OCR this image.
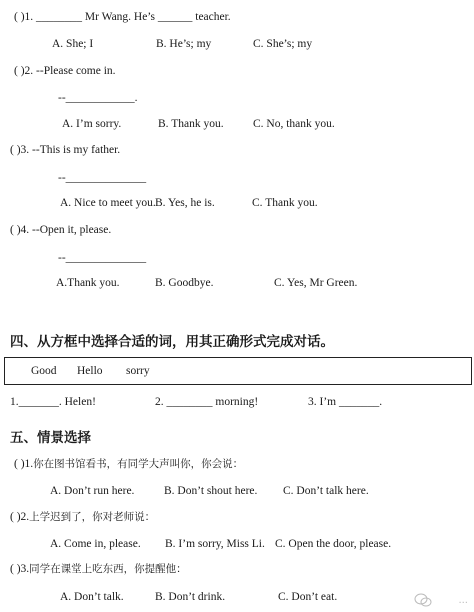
( )1. ________ Mr Wang. He’s ______ teacher.
A. She; I	B. He’s; my	C. She’s; my
( )2. --Please come in.
--____________.
A. I’m sorry.	B. Thank you.	C. No, thank you.
( )3. --This is my father.
--______________
A. Nice to meet you. B. Yes, he is.	C. Thank you.
( )4. --Open it, please.
--______________
A.Thank you.	B. Goodbye.	C. Yes, Mr Green.
四、从方框中选择合适的词，用其正确形式完成对话。
Good Hello sorry
1._______. Helen!	2. ________ morning!	3. I’m _______.
五、情景选择
( )1.你在图书馆看书，有同学大声叫你，你会说：
A. Don’t run here.	B. Don’t shout here. C. Don’t talk here.
( )2.上学迟到了，你对老师说：
A. Come in, please. B. I’m sorry, Miss Li. C. Open the door, please.
( )3.同学在课堂上吃东西，你提醒他：
A. Don’t talk.	B. Don’t drink.	C. Don’t eat.	...
